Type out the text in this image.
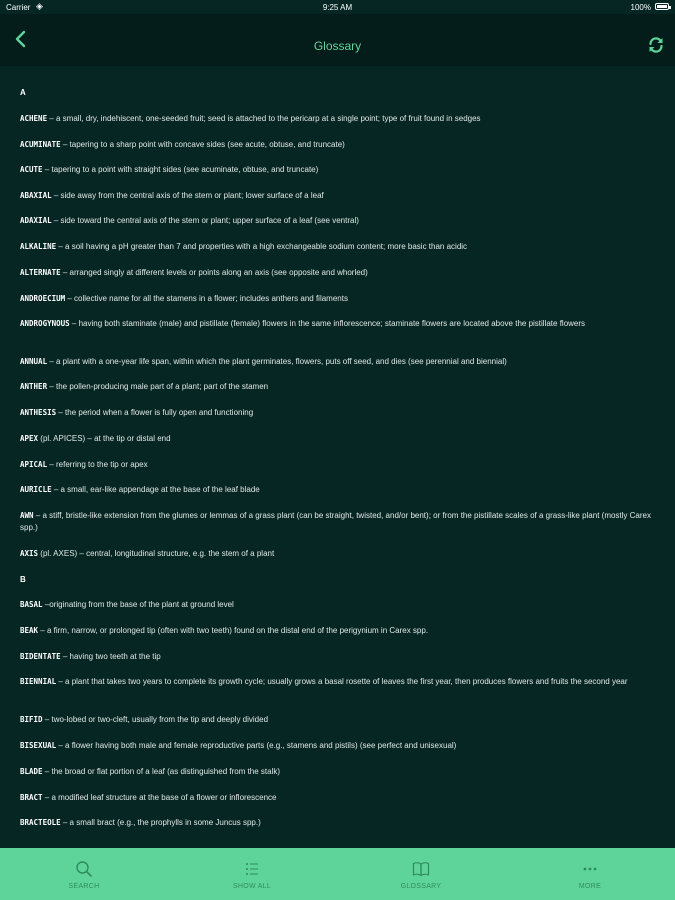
Carrier ◈	9:25 AM	100%
Glossary
A
ACHENE – a small, dry, indehiscent, one-seeded fruit; seed is attached to the pericarp at a single point; type of fruit found in sedges
ACUMINATE – tapering to a sharp point with concave sides (see acute, obtuse, and truncate)
ACUTE – tapering to a point with straight sides (see acuminate, obtuse, and truncate)
ABAXIAL – side away from the central axis of the stem or plant; lower surface of a leaf
ADAXIAL – side toward the central axis of the stem or plant; upper surface of a leaf (see ventral)
ALKALINE – a soil having a pH greater than 7 and properties with a high exchangeable sodium content; more basic than acidic
ALTERNATE – arranged singly at different levels or points along an axis (see opposite and whorled)
ANDROECIUM – collective name for all the stamens in a flower; includes anthers and filaments
ANDROGYNOUS – having both staminate (male) and pistillate (female) flowers in the same inflorescence; staminate flowers are located above the pistillate flowers
ANNUAL – a plant with a one-year life span, within which the plant germinates, flowers, puts off seed, and dies (see perennial and biennial)
ANTHER – the pollen-producing male part of a plant; part of the stamen
ANTHESIS – the period when a flower is fully open and functioning
APEX (pl. APICES) – at the tip or distal end
APICAL – referring to the tip or apex
AURICLE – a small, ear-like appendage at the base of the leaf blade
AWN – a stiff, bristle-like extension from the glumes or lemmas of a grass plant (can be straight, twisted, and/or bent); or from the pistillate scales of a grass-like plant (mostly Carex spp.)
AXIS (pl. AXES) – central, longitudinal structure, e.g. the stem of a plant
B
BASAL –originating from the base of the plant at ground level
BEAK – a firm, narrow, or prolonged tip (often with two teeth) found on the distal end of the perigynium in Carex spp.
BIDENTATE – having two teeth at the tip
BIENNIAL – a plant that takes two years to complete its growth cycle; usually grows a basal rosette of leaves the first year, then produces flowers and fruits the second year
BIFID – two-lobed or two-cleft, usually from the tip and deeply divided
BISEXUAL – a flower having both male and female reproductive parts (e.g., stamens and pistils) (see perfect and unisexual)
BLADE – the broad or flat portion of a leaf (as distinguished from the stalk)
BRACT – a modified leaf structure at the base of a flower or inflorescence
BRACTEOLE – a small bract (e.g., the prophylls in some Juncus spp.)
SEARCH	SHOW ALL	GLOSSARY	MORE
